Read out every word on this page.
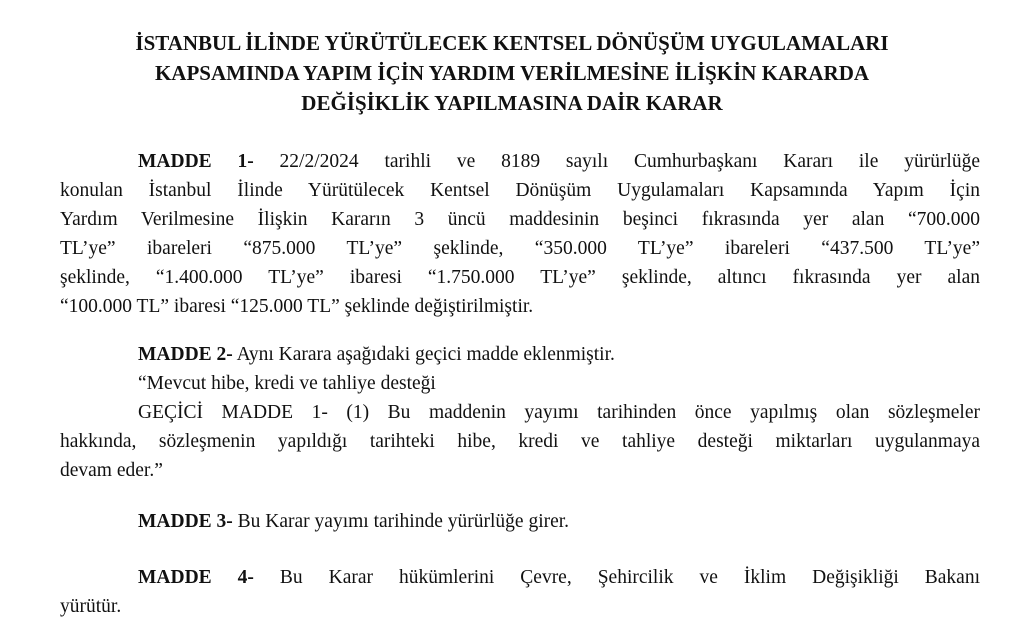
İSTANBUL İLİNDE YÜRÜTÜLECEK KENTSEL DÖNÜŞÜM UYGULAMALARI
KAPSAMINDA YAPIM İÇİN YARDIM VERİLMESİNE İLİŞKİN KARARDA
DEĞİŞİKLİK YAPILMASINA DAİR KARAR
MADDE 1- 22/2/2024 tarihli ve 8189 sayılı Cumhurbaşkanı Kararı ile yürürlüğe
konulan İstanbul İlinde Yürütülecek Kentsel Dönüşüm Uygulamaları Kapsamında Yapım İçin
Yardım Verilmesine İlişkin Kararın 3 üncü maddesinin beşinci fıkrasında yer alan “700.000
TL’ye” ibareleri “875.000 TL’ye” şeklinde, “350.000 TL’ye” ibareleri “437.500 TL’ye”
şeklinde, “1.400.000 TL’ye” ibaresi “1.750.000 TL’ye” şeklinde, altıncı fıkrasında yer alan
“100.000 TL” ibaresi “125.000 TL” şeklinde değiştirilmiştir.
MADDE 2- Aynı Karara aşağıdaki geçici madde eklenmiştir.
“Mevcut hibe, kredi ve tahliye desteği
GEÇİCİ MADDE 1- (1) Bu maddenin yayımı tarihinden önce yapılmış olan sözleşmeler
hakkında, sözleşmenin yapıldığı tarihteki hibe, kredi ve tahliye desteği miktarları uygulanmaya
devam eder.”
MADDE 3- Bu Karar yayımı tarihinde yürürlüğe girer.
MADDE 4- Bu Karar hükümlerini Çevre, Şehircilik ve İklim Değişikliği Bakanı
yürütür.
